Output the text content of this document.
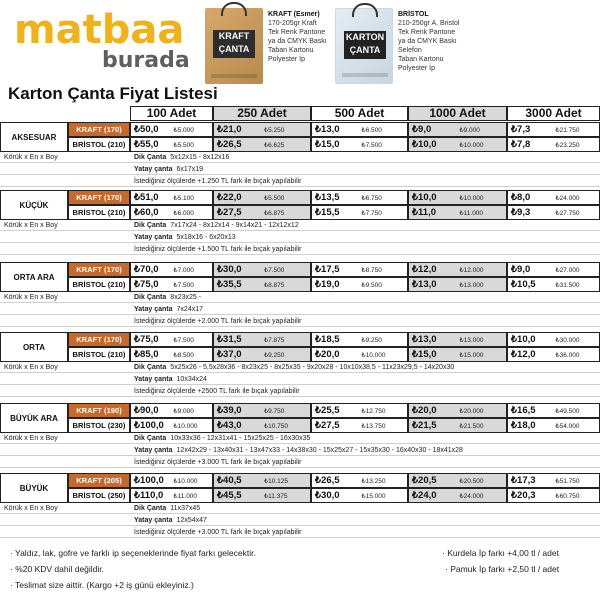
matbaa
burada
KRAFT ÇANTA
KRAFT (Esmer)
170-205gr Kraft
Tek Renk Pantone
ya da CMYK Baskı
Taban Kartonu
Polyester İp
KARTON ÇANTA
BRİSTOL
210-250gr A. Bristol
Tek Renk Pantone
ya da CMYK Baskı
Selefon
Taban Kartonu
Polyester İp
Karton Çanta Fiyat Listesi
100 Adet	250 Adet	500 Adet	1000 Adet	3000 Adet
AKSESUAR
KRAFT (170)	₺50,0	₺5.000	₺21,0	₺5.250	₺13,0	₺6.500	₺9,0	₺9.000	₺7,3	₺21.750
BRİSTOL (210) ₺55,0	₺5.500	₺26,5	₺6.625	₺15,0	₺7.500	₺10,0	₺10.000	₺7,8	₺23.250
Körük x En x Boy	Dik Çanta 5x12x15 - 8x12x16
Yatay çanta 6x17x19
İstediğiniz ölçülerde +1.250 TL fark ile bıçak yapılabilir
KÜÇÜK
KRAFT (170)	₺51,0	₺5.100	₺22,0	₺5.500	₺13,5	₺6.750	₺10,0	₺10.000	₺8,0	₺24.000
BRİSTOL (210) ₺60,0	₺6.000	₺27,5	₺6.875	₺15,5	₺7.750	₺11,0	₺11.000	₺9,3	₺27.750
Körük x En x Boy	Dik Çanta 7x17x24 - 8x12x14 - 9x14x21 - 12x12x12
Yatay çanta 5x18x16 - 6x20x13
İstediğiniz ölçülerde +1.500 TL fark ile bıçak yapılabilir
ORTA ARA
KRAFT (170)	₺70,0	₺7.000	₺30,0	₺7.500	₺17,5	₺8.750	₺12,0	₺12.000	₺9,0	₺27.000
BRİSTOL (210) ₺75,0	₺7.500	₺35,5	₺8.875	₺19,0	₺9.500	₺13,0	₺13.000	₺10,5	₺31.500
Körük x En x Boy	Dik Çanta 8x23x25 -
Yatay çanta 7x24x17
İstediğiniz ölçülerde +2.000 TL fark ile bıçak yapılabilir
ORTA
KRAFT (170)	₺75,0	₺7.500	₺31,5	₺7.875	₺18,5	₺9.250	₺13,0	₺13.000	₺10,0	₺30.000
BRİSTOL (210) ₺85,0	₺8.500	₺37,0	₺9.250	₺20,0	₺10.000	₺15,0	₺15.000	₺12,0	₺36.000
Körük x En x Boy	Dik Çanta 5x25x26 - 5,5x28x36 - 8x23x25 - 8x25x35 - 9x20x28 - 10x10x38,5 - 11x23x29,5 - 14x20x30
Yatay çanta 10x34x24
İstediğiniz ölçülerde +2500 TL fark ile bıçak yapılabilir
BÜYÜK ARA
KRAFT (190)	₺90,0	₺9.000	₺39,0	₺9.750	₺25,5	₺12.750	₺20,0	₺20.000	₺16,5	₺49.500
BRİSTOL (230) ₺100,0	₺10.000	₺43,0	₺10.750	₺27,5	₺13.750	₺21,5	₺21.500	₺18,0	₺54.000
Körük x En x Boy	Dik Çanta 10x33x36 - 12x31x41 - 15x25x25 - 16x30x35
Yatay çanta 12x42x29 - 13x40x31 - 13x47x33 - 14x38x30 - 15x25x27 - 15x35x30 - 16x40x30 - 18x41x28
İstediğiniz ölçülerde +3.000 TL fark ile bıçak yapılabilir
BÜYÜK
KRAFT (205)	₺100,0	₺10.000	₺40,5	₺10.125	₺26,5	₺13.250	₺20,5	₺20.500	₺17,3	₺51.750
BRİSTOL (250) ₺110,0	₺11.000	₺45,5	₺11.375	₺30,0	₺15.000	₺24,0	₺24.000	₺20,3	₺60.750
Körük x En x Boy	Dik Çanta 11x37x45
Yatay çanta 12x54x47
İstediğiniz ölçülerde +3.000 TL fark ile bıçak yapılabilir
· Yaldız, lak, gofre ve farklı ip seçeneklerinde fiyat farkı gelecektir.
· %20 KDV dahil değildir.
· Teslimat size aittir. (Kargo +2 iş günü ekleyiniz.)
· Kurdela İp farkı +4,00 tl / adet
· Pamuk İp farkı +2,50 tl / adet
